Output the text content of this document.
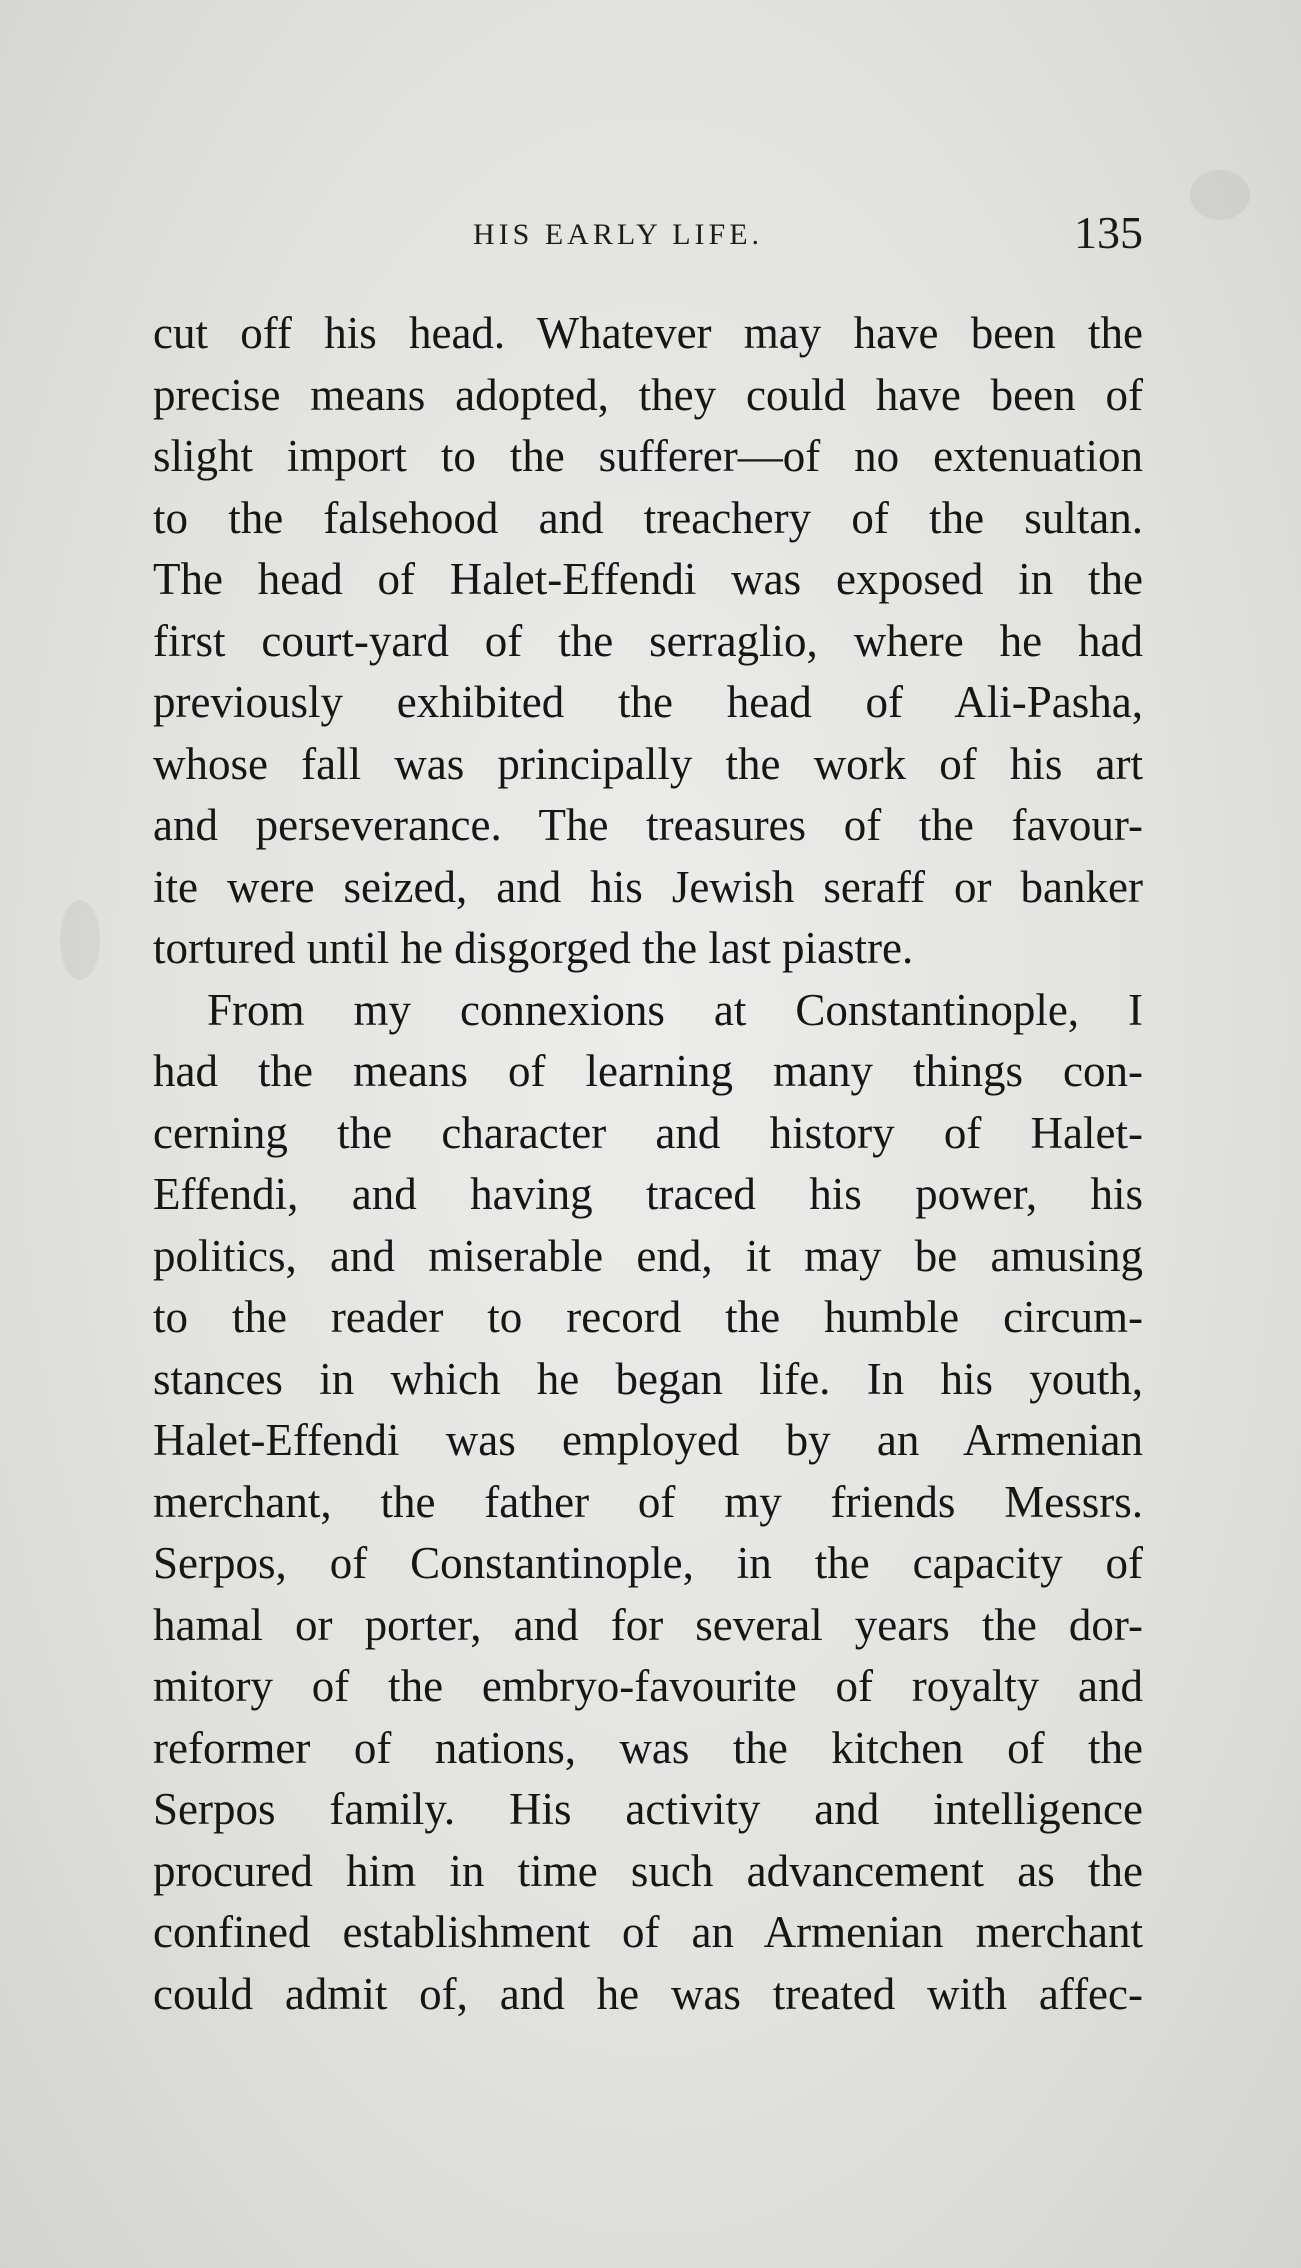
HIS EARLY LIFE.	135
cut off his head. Whatever may have been the
precise means adopted, they could have been of
slight import to the sufferer—of no extenuation
to the falsehood and treachery of the sultan.
The head of Halet-Effendi was exposed in the
first court-yard of the serraglio, where he had
previously exhibited the head of Ali-Pasha,
whose fall was principally the work of his art
and perseverance. The treasures of the favour-
ite were seized, and his Jewish seraff or banker
tortured until he disgorged the last piastre.
From my connexions at Constantinople, I
had the means of learning many things con-
cerning the character and history of Halet-
Effendi, and having traced his power, his
politics, and miserable end, it may be amusing
to the reader to record the humble circum-
stances in which he began life. In his youth,
Halet-Effendi was employed by an Armenian
merchant, the father of my friends Messrs.
Serpos, of Constantinople, in the capacity of
hamal or porter, and for several years the dor-
mitory of the embryo-favourite of royalty and
reformer of nations, was the kitchen of the
Serpos family. His activity and intelligence
procured him in time such advancement as the
confined establishment of an Armenian merchant
could admit of, and he was treated with affec-
